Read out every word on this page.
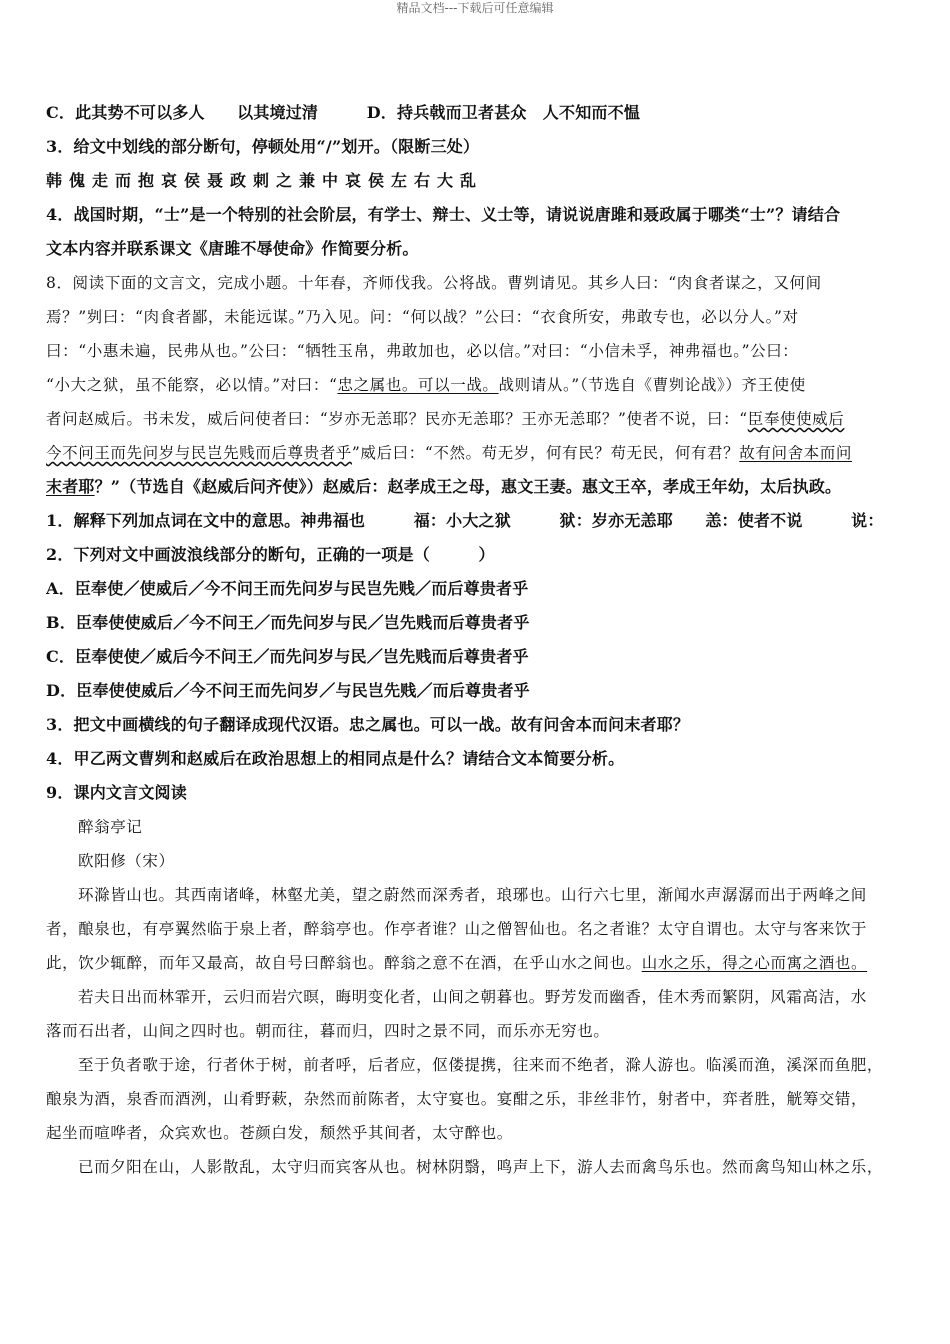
精品文档---下载后可任意编辑
C．此其势不可以多人　　以其境过清　　　D．持兵戟而卫者甚众　人不知而不愠
3．给文中划线的部分断句，停顿处用“/”划开。（限断三处）
韩傀走而抱哀侯聂政刺之兼中哀侯左右大乱
4．战国时期，“士”是一个特别的社会阶层，有学士、辩士、义士等，请说说唐雎和聂政属于哪类“士”？请结合
文本内容并联系课文《唐雎不辱使命》作简要分析。
8．阅读下面的文言文，完成小题。十年春，齐师伐我。公将战。曹刿请见。其乡人曰：“肉食者谋之，又何间
焉？”刿曰：“肉食者鄙，未能远谋。”乃入见。问：“何以战？”公曰：“衣食所安，弗敢专也，必以分人。”对
曰：“小惠未遍，民弗从也。”公曰：“牺牲玉帛，弗敢加也，必以信。”对曰：“小信未孚，神弗福也。”公曰：
“小大之狱，虽不能察，必以情。”对曰：“忠之属也。可以一战。战则请从。”（节选自《曹刿论战》）齐王使使
者问赵威后。书未发，威后问使者曰：“岁亦无恙耶？民亦无恙耶？王亦无恙耶？”使者不说，曰：“臣奉使使威后
今不问王而先问岁与民岂先贱而后尊贵者乎”威后曰：“不然。苟无岁，何有民？苟无民，何有君？故有问舍本而问
末者耶？”（节选自《赵威后问齐使》）赵威后：赵孝成王之母，惠文王妻。惠文王卒，孝成王年幼，太后执政。
1．解释下列加点词在文中的意思。神弗福也　　　福：小大之狱　　　狱：岁亦无恙耶　　恙：使者不说　　　说：
2．下列对文中画波浪线部分的断句，正确的一项是（　　　）
A．臣奉使／使威后／今不问王而先问岁与民岂先贱／而后尊贵者乎
B．臣奉使使威后／今不问王／而先问岁与民／岂先贱而后尊贵者乎
C．臣奉使使／威后今不问王／而先问岁与民／岂先贱而后尊贵者乎
D．臣奉使使威后／今不问王而先问岁／与民岂先贱／而后尊贵者乎
3．把文中画横线的句子翻译成现代汉语。忠之属也。可以一战。故有问舍本而问末者耶？
4．甲乙两文曹刿和赵威后在政治思想上的相同点是什么？请结合文本简要分析。
9．课内文言文阅读
醉翁亭记
欧阳修（宋）
环滁皆山也。其西南诸峰，林壑尤美，望之蔚然而深秀者，琅琊也。山行六七里，渐闻水声潺潺而出于两峰之间
者，酿泉也，有亭翼然临于泉上者，醉翁亭也。作亭者谁？山之僧智仙也。名之者谁？太守自谓也。太守与客来饮于
此，饮少辄醉，而年又最高，故自号曰醉翁也。醉翁之意不在酒，在乎山水之间也。山水之乐，得之心而寓之酒也。
若夫日出而林霏开，云归而岩穴暝，晦明变化者，山间之朝暮也。野芳发而幽香，佳木秀而繁阴，风霜高洁，水
落而石出者，山间之四时也。朝而往，暮而归，四时之景不同，而乐亦无穷也。
至于负者歌于途，行者休于树，前者呼，后者应，伛偻提携，往来而不绝者，滁人游也。临溪而渔，溪深而鱼肥，
酿泉为酒，泉香而酒洌，山肴野蔌，杂然而前陈者，太守宴也。宴酣之乐，非丝非竹，射者中，弈者胜，觥筹交错，
起坐而喧哗者，众宾欢也。苍颜白发，颓然乎其间者，太守醉也。
已而夕阳在山，人影散乱，太守归而宾客从也。树林阴翳，鸣声上下，游人去而禽鸟乐也。然而禽鸟知山林之乐，
